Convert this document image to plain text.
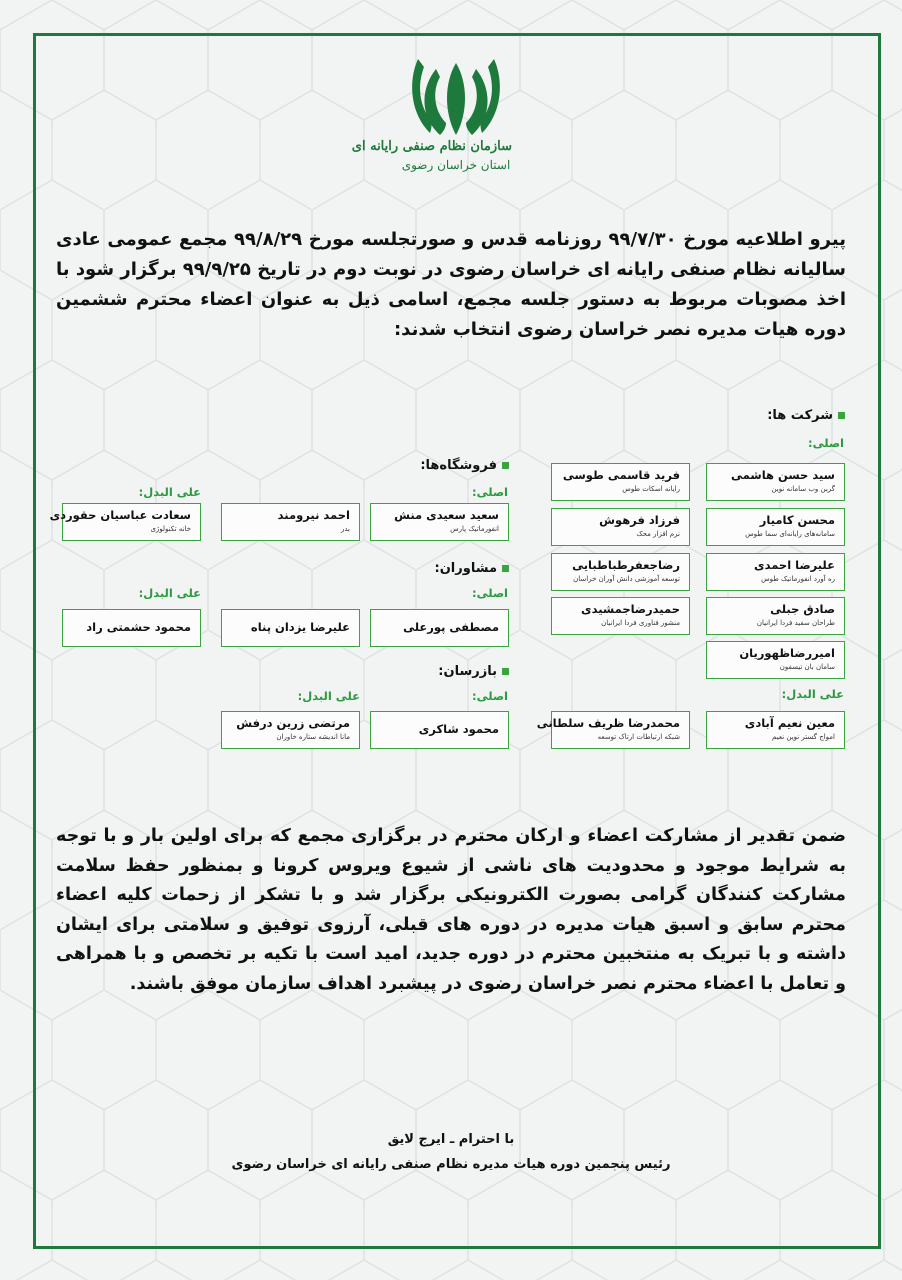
سازمان نظام صنفی رایانه ای
استان خراسان رضوی
پیرو اطلاعیه مورخ ۹۹/۷/۳۰ روزنامه قدس و صورتجلسه مورخ ۹۹/۸/۲۹ مجمع عمومی عادی سالیانه نظام صنفی رایانه ای خراسان رضوی در نوبت دوم در تاریخ ۹۹/۹/۲۵ برگزار شود با اخذ مصوبات مربوط به دستور جلسه مجمع، اسامی ذیل به عنوان اعضاء محترم ششمین دوره هیات مدیره نصر خراسان رضوی انتخاب شدند:
شرکت ها:
اصلی:
سید حسن هاشمی
گرین وب سامانه نوین
فرید قاسمی طوسی
رایانه اسکات طوس
محسن کامیار
سامانه‌های رایانه‌ای سما طوس
فرزاد فرهوش
نرم افزار محک
علیرضا احمدی
ره آورد انفورماتیک طوس
رضاجعفرطباطبایی
توسعه آموزشی دانش آوران خراسان
صادق جبلی
طراحان سفید فردا ایرانیان
حمیدرضاجمشیدی
منشور فناوری فردا ایرانیان
امیررضاظهوریان
سامان بان تیسفون
علی البدل:
معین نعیم آبادی
امواج گستر نوین نعیم
محمدرضا ظریف سلطانی
شبکه ارتباطات ارتاک توسعه
فروشگاه‌ها:
اصلی:
علی البدل:
سعید سعیدی منش
انفورماتیک پارس
احمد نیرومند
بدر
سعادت عباسیان حقوردی
خانه تکنولوژی
مشاوران:
اصلی:
علی البدل:
مصطفی پورعلی
علیرضا یزدان پناه
محمود حشمتی راد
بازرسان:
اصلی:
علی البدل:
محمود شاکری
مرتضی زرین درفش
مانا اندیشه ستاره خاوران
ضمن تقدیر از مشارکت اعضاء و ارکان محترم در برگزاری مجمع که برای اولین بار و با توجه به شرایط موجود و محدودیت های ناشی از شیوع ویروس کرونا و بمنظور حفظ سلامت مشارکت کنندگان گرامی بصورت الکترونیکی برگزار شد و با تشکر از زحمات کلیه اعضاء محترم سابق و اسبق هیات مدیره در دوره های قبلی، آرزوی توفیق و سلامتی برای ایشان داشته و با تبریک به منتخبین محترم در دوره جدید، امید است با تکیه بر تخصص و با همراهی و تعامل با اعضاء محترم نصر خراسان رضوی در پیشبرد اهداف سازمان موفق باشند.
با احترام ـ ایرج لایق
رئیس پنجمین دوره هیات مدیره نظام صنفی رایانه ای خراسان رضوی
